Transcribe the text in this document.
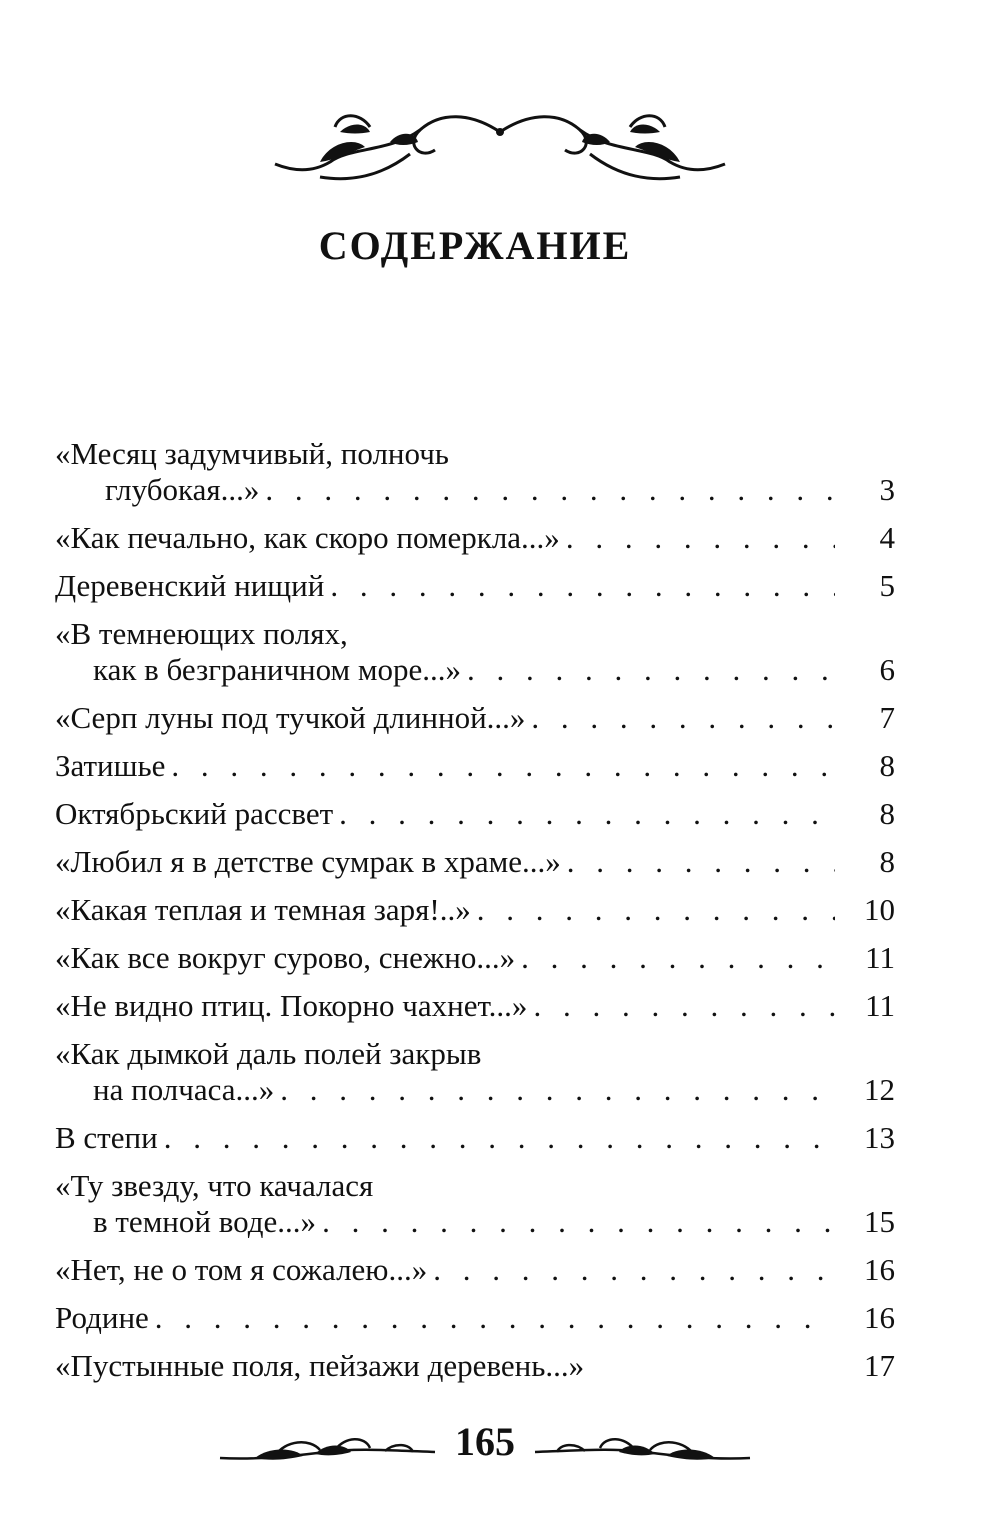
СОДЕРЖАНИЕ
«Месяц задумчивый, полночь
глубокая...» . . .	3
«Как печально, как скоро померкла...» . . .	4
Деревенский нищий . . .	5
«В темнеющих полях,
как в безграничном море...» . . .	6
«Серп луны под тучкой длинной...» . . .	7
Затишье . . .	8
Октябрьский рассвет . . .	8
«Любил я в детстве сумрак в храме...» . . .	8
«Какая теплая и темная заря!..» . . .	10
«Как все вокруг сурово, снежно...» . . .	11
«Не видно птиц. Покорно чахнет...» . . .	11
«Как дымкой даль полей закрыв
на полчаса...» . . .	12
В степи . . .	13
«Ту звезду, что качалася
в темной воде...» . . .	15
«Нет, не о том я сожалею...» . . .	16
Родине . . .	16
«Пустынные поля, пейзажи деревень...»	17
165
